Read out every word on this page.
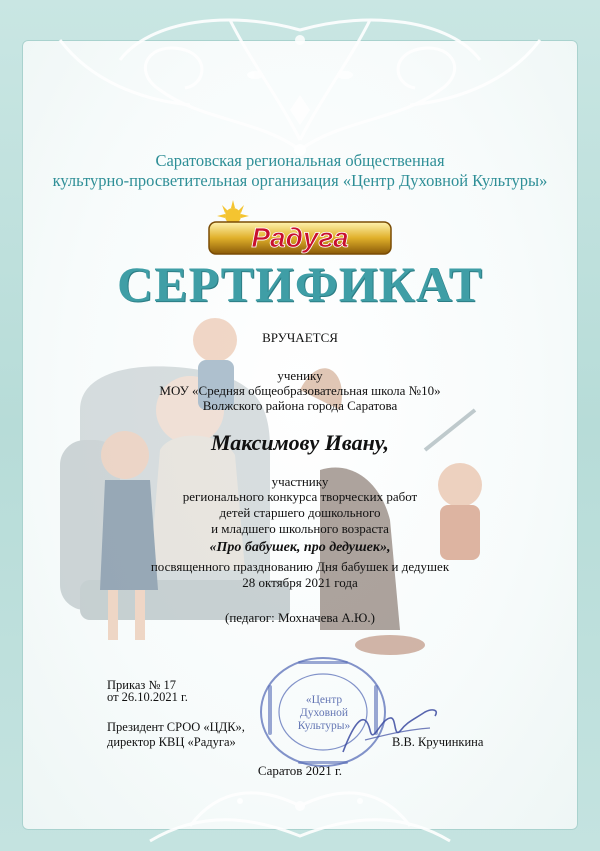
Саратовская региональная общественная
культурно-просветительная организация «Центр Духовной Культуры»
Радуга
СЕРТИФИКАТ
ВРУЧАЕТСЯ
ученику
МОУ «Средняя общеобразовательная школа №10»
Волжского района города Саратова
Максимову Ивану,
участнику
регионального конкурса творческих работ
детей старшего дошкольного
и младшего школьного возраста
«Про бабушек, про дедушек»,
посвященного празднованию Дня бабушек и дедушек
28 октября 2021 года
(педагог: Мохначева А.Ю.)
Приказ № 17
от 26.10.2021 г.	«Центр Духовной Культуры»
Президент СРОО «ЦДК»,
директор КВЦ «Радуга»	В.В. Кручинкина
Саратов 2021 г.
